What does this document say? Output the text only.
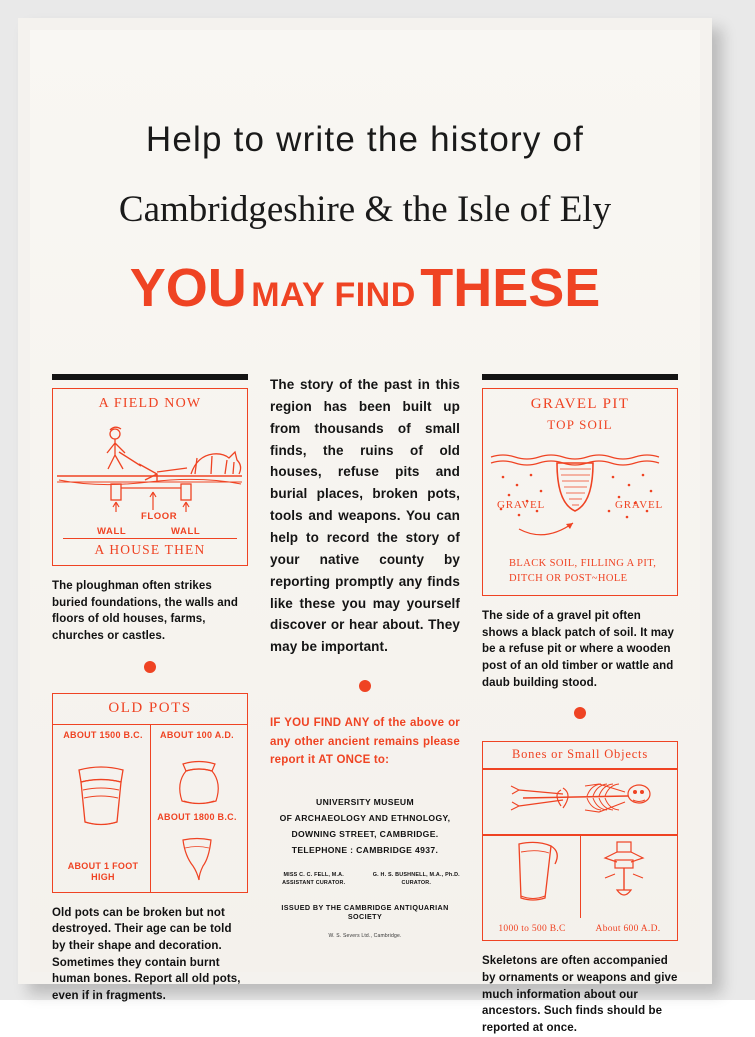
Help to write the history of
Cambridgeshire & the Isle of Ely
YOU MAY FIND THESE
A FIELD NOW
FLOOR
WALL	WALL
A HOUSE THEN
The ploughman often strikes buried foundations, the walls and floors of old houses, farms, churches or castles.
OLD POTS
ABOUT 1500 B.C.	ABOUT 100 A.D.
ABOUT 1800 B.C.
ABOUT 1 FOOT HIGH
Old pots can be broken but not destroyed. Their age can be told by their shape and decoration. Sometimes they contain burnt human bones. Report all old pots, even if in fragments.
The story of the past in this region has been built up from thousands of small finds, the ruins of old houses, refuse pits and burial places, broken pots, tools and weapons. You can help to record the story of your native county by reporting promptly any finds like these you may yourself discover or hear about. They may be important.
IF YOU FIND ANY of the above or any other ancient remains please report it AT ONCE to:
UNIVERSITY MUSEUM
OF ARCHAEOLOGY AND ETHNOLOGY,
DOWNING STREET, CAMBRIDGE.
TELEPHONE : CAMBRIDGE 4937.
MISS C. C. FELL, M.A. ASSISTANT CURATOR.
G. H. S. BUSHNELL, M.A., Ph.D. CURATOR.
ISSUED BY THE CAMBRIDGE ANTIQUARIAN SOCIETY
W. S. Severs Ltd., Cambridge.
GRAVEL PIT
TOP SOIL
GRAVEL	GRAVEL
BLACK SOIL, FILLING A PIT, DITCH OR POST~HOLE
The side of a gravel pit often shows a black patch of soil. It may be a refuse pit or where a wooden post of an old timber or wattle and daub building stood.
Bones or Small Objects
1000 to 500 B.C	About 600 A.D.
Skeletons are often accompanied by ornaments or weapons and give much information about our ancestors. Such finds should be reported at once.
